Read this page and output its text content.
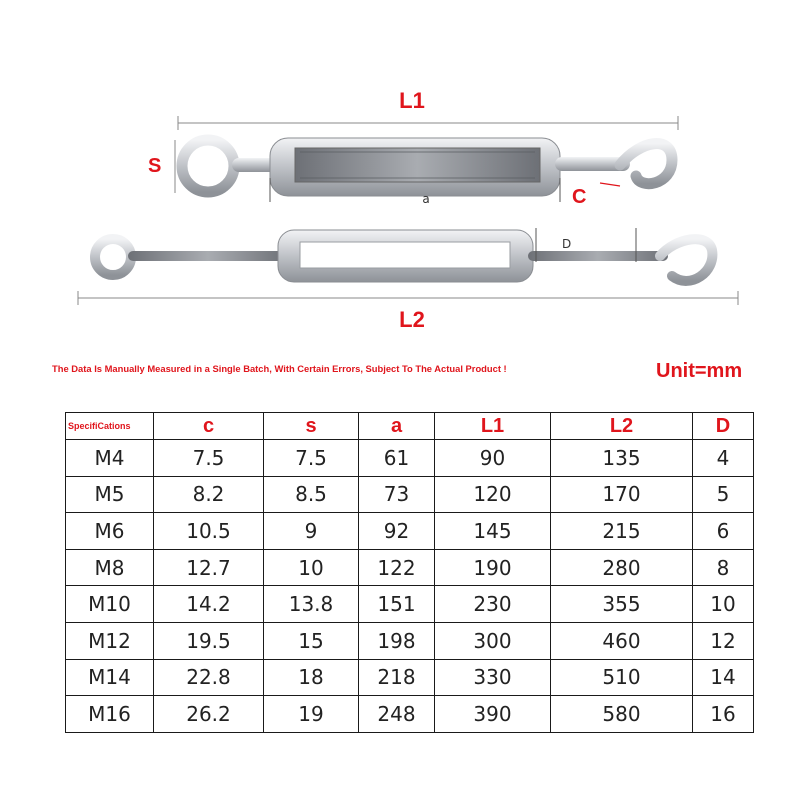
L1
S
a	C
D
L2
The Data Is Manually Measured in a Single Batch, With Certain Errors, Subject To The Actual Product !	Unit=mm
SpecifiCations	c	s	a	L1	L2	D
M4	7.5	7.5	61	90	135	4
M5	8.2	8.5	73	120	170	5
M6	10.5	9	92	145	215	6
M8	12.7	10	122	190	280	8
M10	14.2	13.8	151	230	355	10
M12	19.5	15	198	300	460	12
M14	22.8	18	218	330	510	14
M16	26.2	19	248	390	580	16
